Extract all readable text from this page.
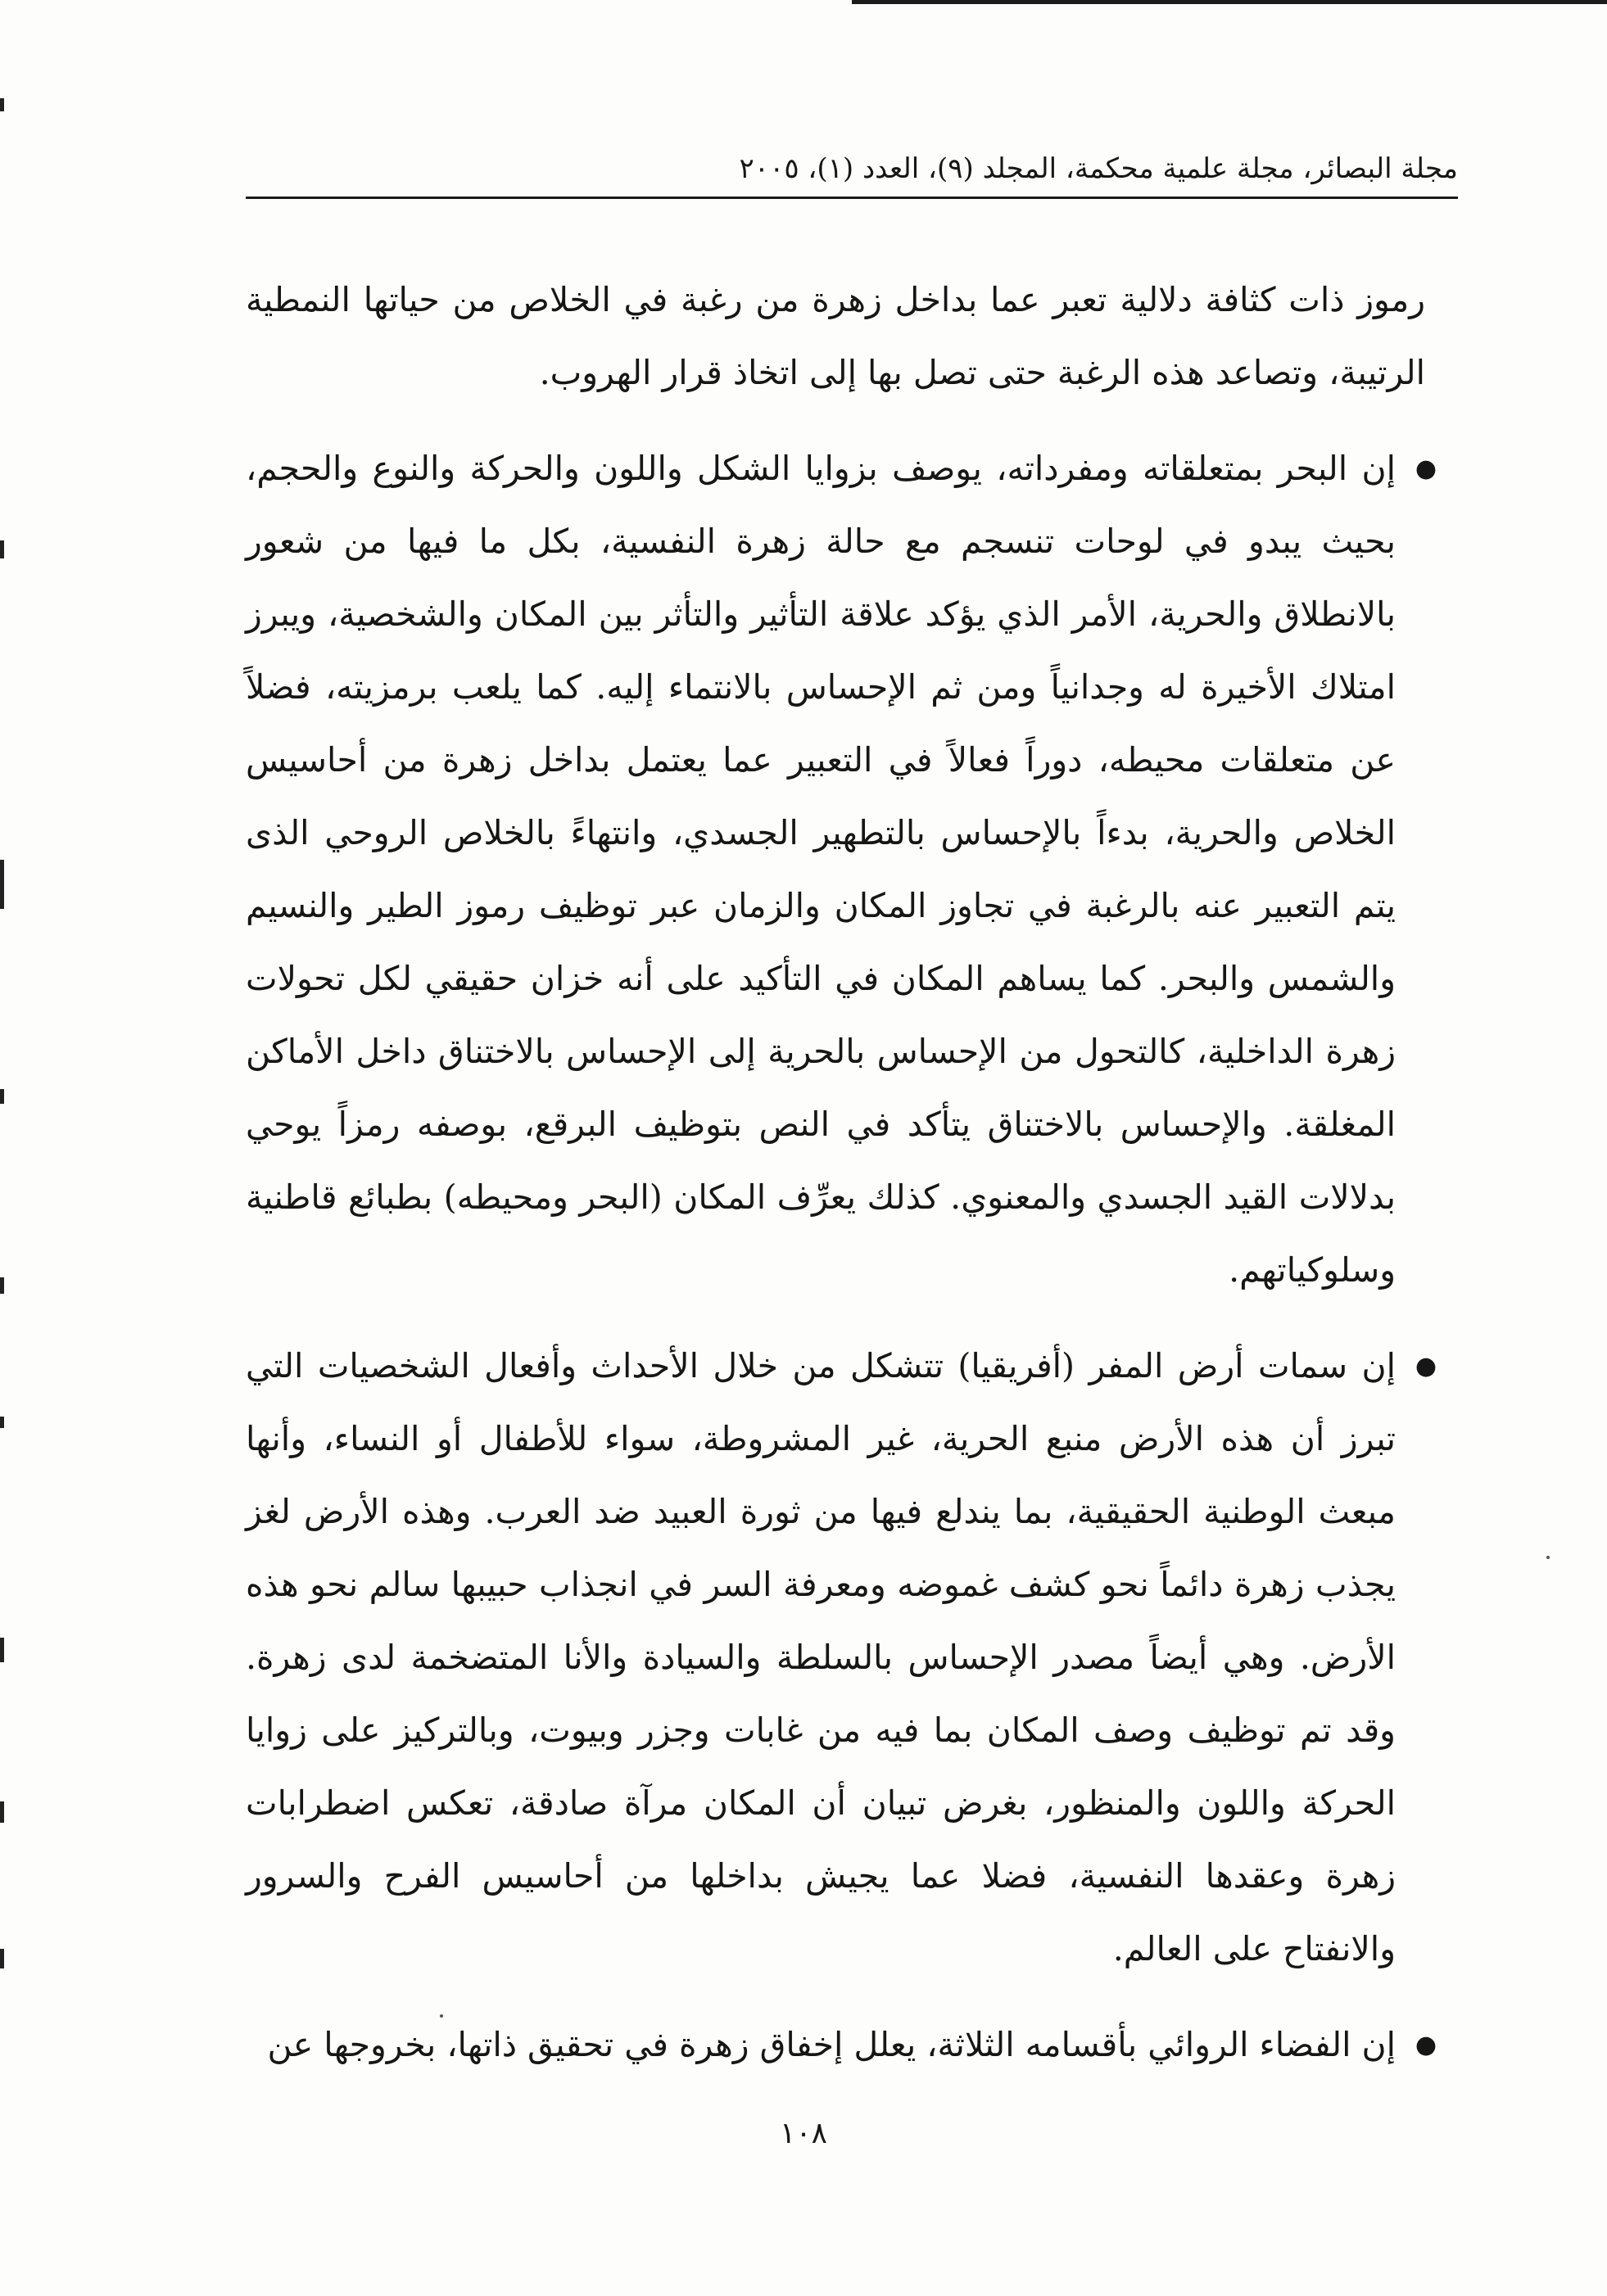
مجلة البصائر، مجلة علمية محكمة، المجلد (٩)، العدد (١)، ٢٠٠٥

رموز ذات كثافة دلالية تعبر عما بداخل زهرة من رغبة في الخلاص من حياتها النمطية الرتيبة، وتصاعد هذه الرغبة حتى تصل بها إلى اتخاذ قرار الهروب.

●
إن البحر بمتعلقاته ومفرداته، يوصف بزوايا الشكل واللون والحركة والنوع والحجم، بحيث يبدو في لوحات تنسجم مع حالة زهرة النفسية، بكل ما فيها من شعور بالانطلاق والحرية، الأمر الذي يؤكد علاقة التأثير والتأثر بين المكان والشخصية، ويبرز امتلاك الأخيرة له وجدانياً ومن ثم الإحساس بالانتماء إليه. كما يلعب برمزيته، فضلاً عن متعلقات محيطه، دوراً فعالاً في التعبير عما يعتمل بداخل زهرة من أحاسيس الخلاص والحرية، بدءاً بالإحساس بالتطهير الجسدي، وانتهاءً بالخلاص الروحي الذى يتم التعبير عنه بالرغبة في تجاوز المكان والزمان عبر توظيف رموز الطير والنسيم والشمس والبحر. كما يساهم المكان في التأكيد على أنه خزان حقيقي لكل تحولات زهرة الداخلية، كالتحول من الإحساس بالحرية إلى الإحساس بالاختناق داخل الأماكن المغلقة. والإحساس بالاختناق يتأكد في النص بتوظيف البرقع، بوصفه رمزاً يوحي بدلالات القيد الجسدي والمعنوي. كذلك يعرِّف المكان (البحر ومحيطه) بطبائع قاطنية وسلوكياتهم.
●
إن سمات أرض المفر (أفريقيا) تتشكل من خلال الأحداث وأفعال الشخصيات التي تبرز أن هذه الأرض منبع الحرية، غير المشروطة، سواء للأطفال أو النساء، وأنها مبعث الوطنية الحقيقية، بما يندلع فيها من ثورة العبيد ضد العرب. وهذه الأرض لغز يجذب زهرة دائماً نحو كشف غموضه ومعرفة السر في انجذاب حبيبها سالم نحو هذه الأرض. وهي أيضاً مصدر الإحساس بالسلطة والسيادة والأنا المتضخمة لدى زهرة. وقد تم توظيف وصف المكان بما فيه من غابات وجزر وبيوت، وبالتركيز على زوايا الحركة واللون والمنظور، بغرض تبيان أن المكان مرآة صادقة، تعكس اضطرابات زهرة وعقدها النفسية، فضلا عما يجيش بداخلها من أحاسيس الفرح والسرور والانفتاح على العالم.
●
إن الفضاء الروائي بأقسامه الثلاثة، يعلل إخفاق زهرة في تحقيق ذاتها، بخروجها عن
١٠٨
